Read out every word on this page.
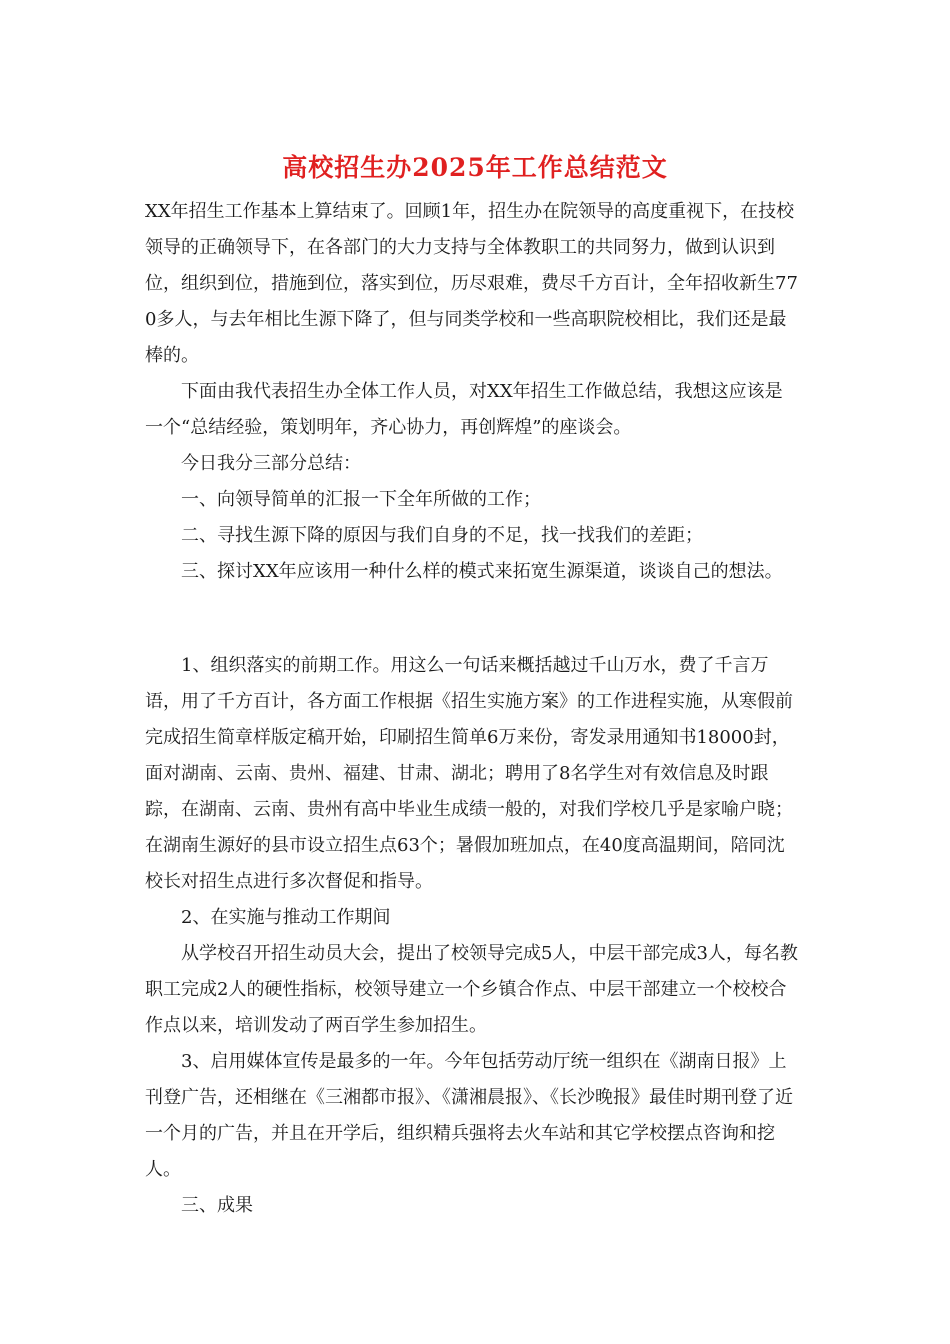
高校招生办2025年工作总结范文

XX年招生工作基本上算结束了。回顾1年，招生办在院领导的高度重视下，在技校领导的正确领导下，在各部门的大力支持与全体教职工的共同努力，做到认识到位，组织到位，措施到位，落实到位，历尽艰难，费尽千方百计，全年招收新生770多人，与去年相比生源下降了，但与同类学校和一些高职院校相比，我们还是最棒的。

下面由我代表招生办全体工作人员，对XX年招生工作做总结，我想这应该是一个“总结经验，策划明年，齐心协力，再创辉煌”的座谈会。

今日我分三部分总结：

一、向领导简单的汇报一下全年所做的工作；

二、寻找生源下降的原因与我们自身的不足，找一找我们的差距；

三、探讨XX年应该用一种什么样的模式来拓宽生源渠道，谈谈自己的想法。

1、组织落实的前期工作。用这么一句话来概括越过千山万水，费了千言万语，用了千方百计，各方面工作根据《招生实施方案》的工作进程实施，从寒假前完成招生简章样版定稿开始，印刷招生简单6万来份，寄发录用通知书18000封，面对湖南、云南、贵州、福建、甘肃、湖北；聘用了8名学生对有效信息及时跟踪，在湖南、云南、贵州有高中毕业生成绩一般的，对我们学校几乎是家喻户晓；在湖南生源好的县市设立招生点63个；暑假加班加点，在40度高温期间，陪同沈校长对招生点进行多次督促和指导。

2、在实施与推动工作期间

从学校召开招生动员大会，提出了校领导完成5人，中层干部完成3人，每名教职工完成2人的硬性指标，校领导建立一个乡镇合作点、中层干部建立一个校校合作点以来，培训发动了两百学生参加招生。

3、启用媒体宣传是最多的一年。今年包括劳动厅统一组织在《湖南日报》上刊登广告，还相继在《三湘都市报》、《潇湘晨报》、《长沙晚报》最佳时期刊登了近一个月的广告，并且在开学后，组织精兵强将去火车站和其它学校摆点咨询和挖人。

三、成果
